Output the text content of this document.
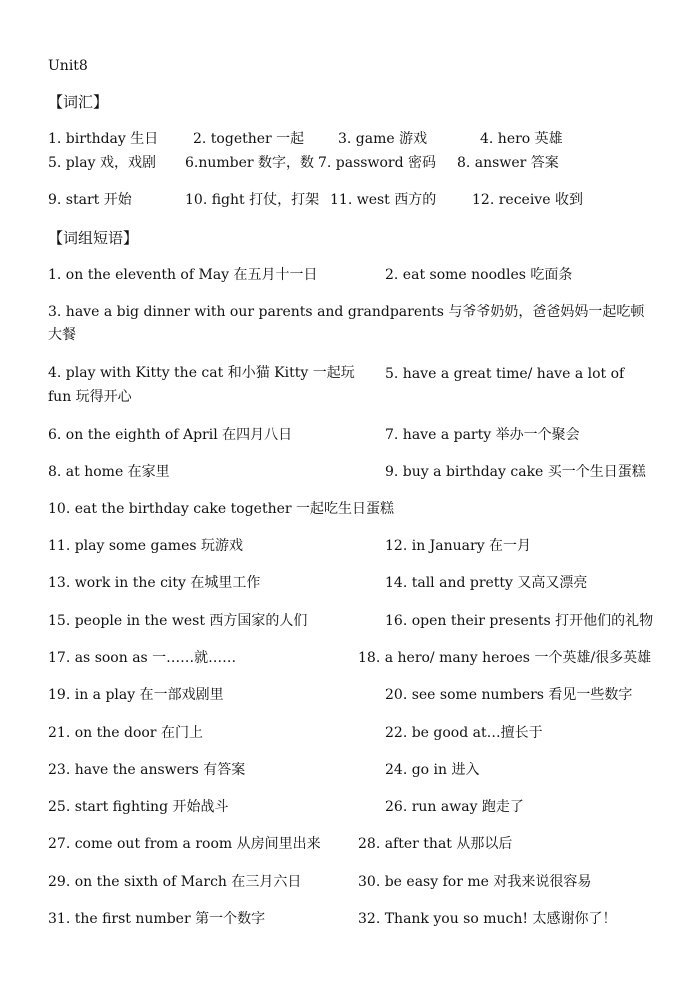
Unit8
【词汇】
1. birthday 生日 2. together 一起 3. game 游戏	4. hero 英雄
5. play 戏，戏剧 6.number 数字，数 7. password 密码 8. answer 答案
9. start 开始	10. fight 打仗，打架 11. west 西方的	12. receive 收到
【词组短语】
1. on the eleventh of May 在五月十一日	2. eat some noodles 吃面条
3. have a big dinner with our parents and grandparents 与爷爷奶奶，爸爸妈妈一起吃顿大餐
4. play with Kitty the cat 和小猫 Kitty 一起玩	5. have a great time/ have a lot of fun 玩得开心
6. on the eighth of April 在四月八日	7. have a party 举办一个聚会
8. at home 在家里	9. buy a birthday cake 买一个生日蛋糕
10. eat the birthday cake together 一起吃生日蛋糕
11. play some games 玩游戏	12. in January 在一月
13. work in the city 在城里工作	14. tall and pretty 又高又漂亮
15. people in the west 西方国家的人们	16. open their presents 打开他们的礼物
17. as soon as 一……就……	18. a hero/ many heroes 一个英雄/很多英雄
19. in a play 在一部戏剧里	20. see some numbers 看见一些数字
21. on the door 在门上	22. be good at…擅长于
23. have the answers 有答案	24. go in 进入
25. start fighting 开始战斗	26. run away 跑走了
27. come out from a room 从房间里出来	28. after that 从那以后
29. on the sixth of March 在三月六日	30. be easy for me 对我来说很容易
31. the first number 第一个数字	32. Thank you so much! 太感谢你了！
